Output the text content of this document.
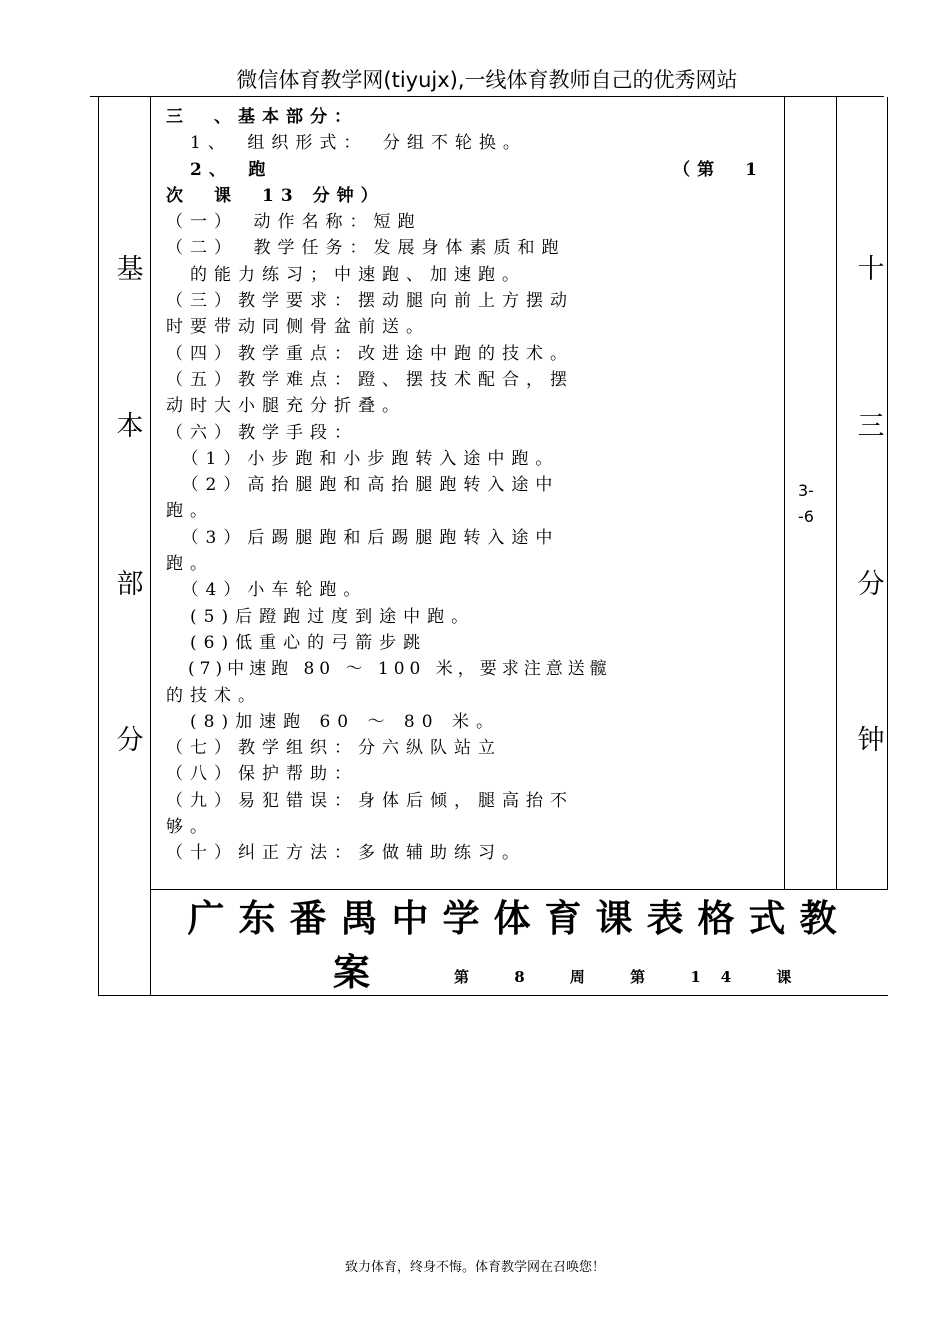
微信体育教学网(tiyujx),一线体育教师自己的优秀网站
基
本
部
分
十
三
分
钟
3-
-6
三　、基本部分：
　1、　组织形式：　分组不轮换。
　2、　跑	（第　1
次　课　13 分钟）
（一）　动作名称：短跑
（二）　教学任务：发展身体素质和跑
　的能力练习；中速跑、加速跑。
（三）教学要求：摆动腿向前上方摆动
时要带动同侧骨盆前送。
（四）教学重点：改进途中跑的技术。
（五）教学难点：蹬、摆技术配合，摆
动时大小腿充分折叠。
（六）教学手段：
　（1）小步跑和小步跑转入途中跑。
　（2）高抬腿跑和高抬腿跑转入途中
跑。
　（3）后踢腿跑和后踢腿跑转入途中
跑。
　（4）小车轮跑。
　(5)后蹬跑过度到途中跑。
　(6)低重心的弓箭步跳
　(7)中速跑 80 ～ 100 米，要求注意送髋
的技术。
　(8)加速跑 60 ～ 80 米。
（七）教学组织：分六纵队站立
（八）保护帮助：
（九）易犯错误：身体后倾，腿高抬不
够。
（十）纠正方法：多做辅助练习。
广东番禺中学体育课表格式教
案	第 8 周 第 14 课
致力体育，终身不悔。体育教学网在召唤您！
